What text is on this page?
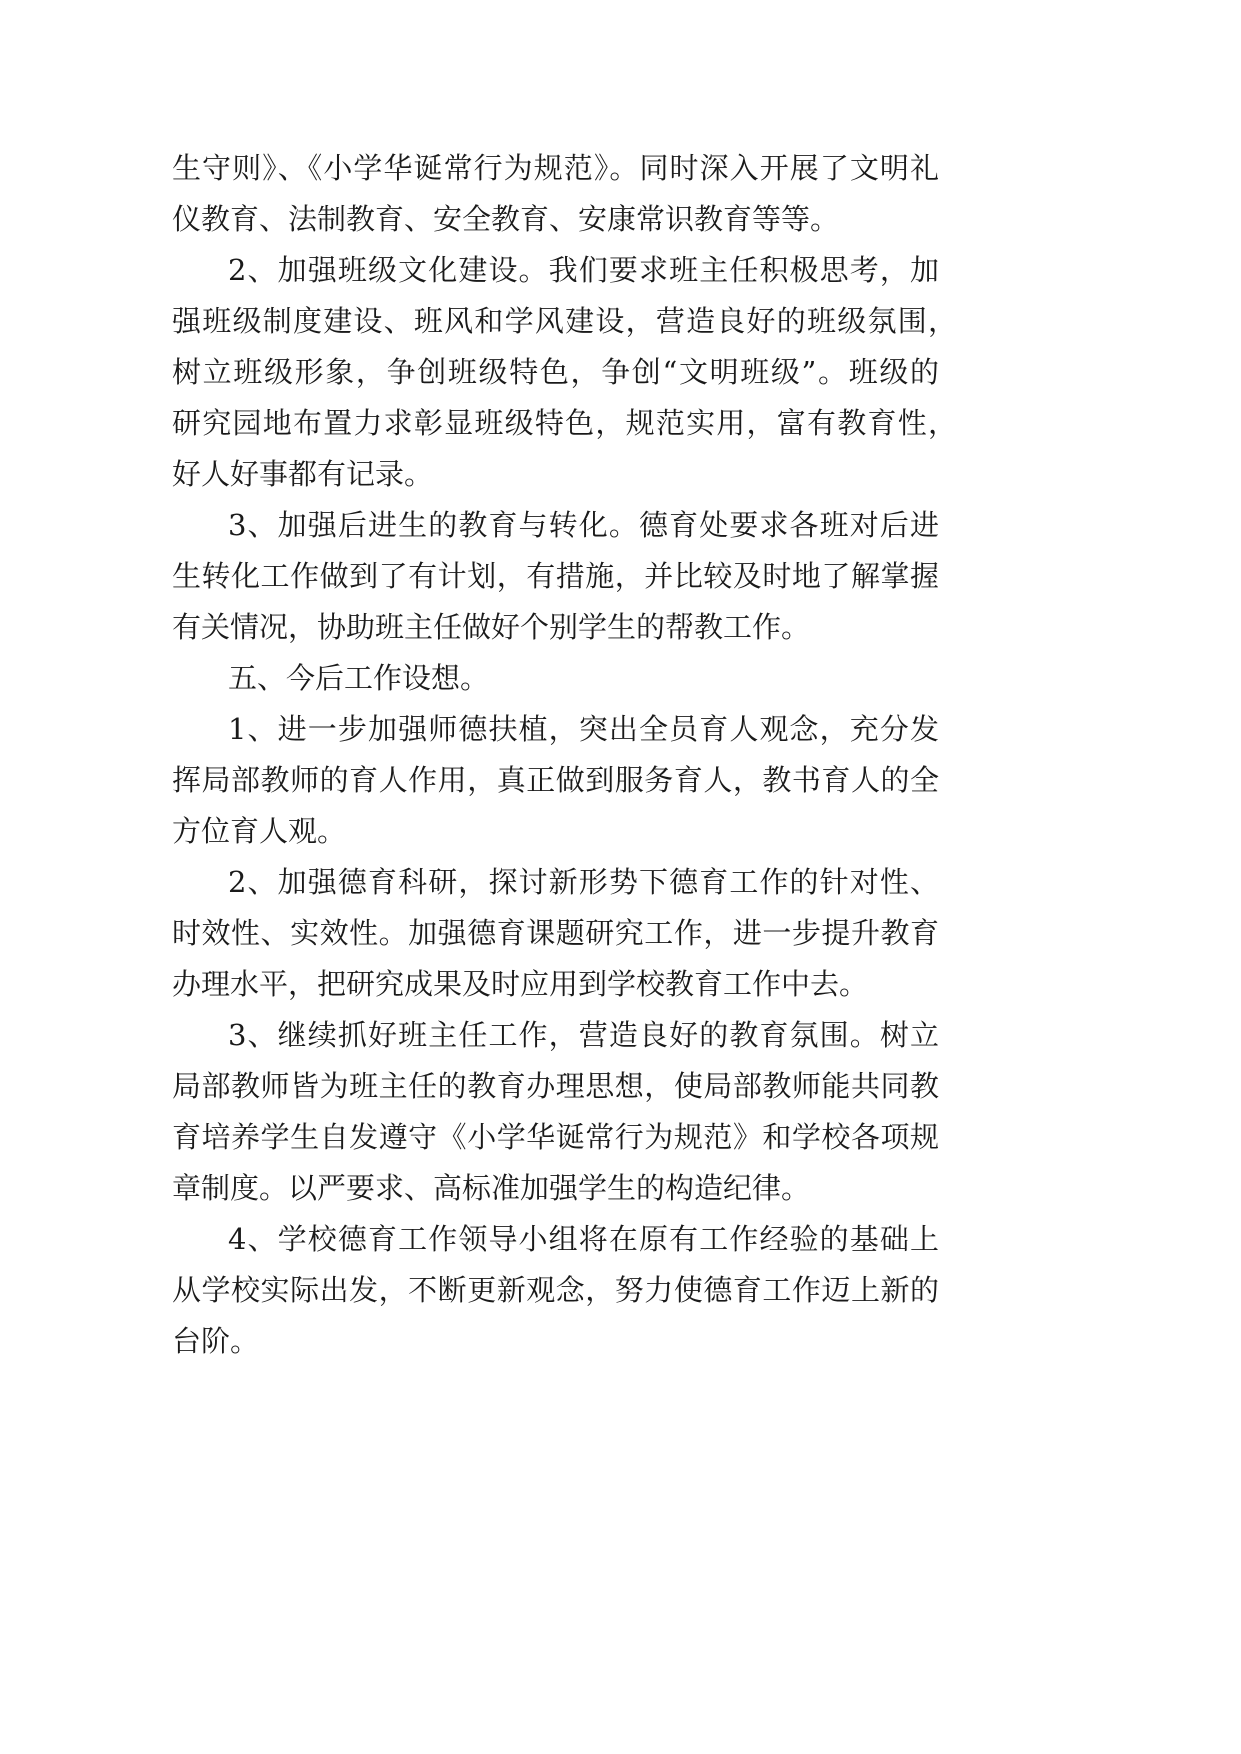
生守则》、《小学华诞常行为规范》。同时深入开展了文明礼
仪教育、法制教育、安全教育、安康常识教育等等。
2、加强班级文化建设。我们要求班主任积极思考，加
强班级制度建设、班风和学风建设，营造良好的班级氛围，
树立班级形象，争创班级特色，争创“文明班级”。班级的
研究园地布置力求彰显班级特色，规范实用，富有教育性，
好人好事都有记录。
3、加强后进生的教育与转化。德育处要求各班对后进
生转化工作做到了有计划，有措施，并比较及时地了解掌握
有关情况，协助班主任做好个别学生的帮教工作。
五、今后工作设想。
1、进一步加强师德扶植，突出全员育人观念，充分发
挥局部教师的育人作用，真正做到服务育人，教书育人的全
方位育人观。
2、加强德育科研，探讨新形势下德育工作的针对性、
时效性、实效性。加强德育课题研究工作，进一步提升教育
办理水平，把研究成果及时应用到学校教育工作中去。
3、继续抓好班主任工作，营造良好的教育氛围。树立
局部教师皆为班主任的教育办理思想，使局部教师能共同教
育培养学生自发遵守《小学华诞常行为规范》和学校各项规
章制度。以严要求、高标准加强学生的构造纪律。
4、学校德育工作领导小组将在原有工作经验的基础上
从学校实际出发，不断更新观念，努力使德育工作迈上新的
台阶。
